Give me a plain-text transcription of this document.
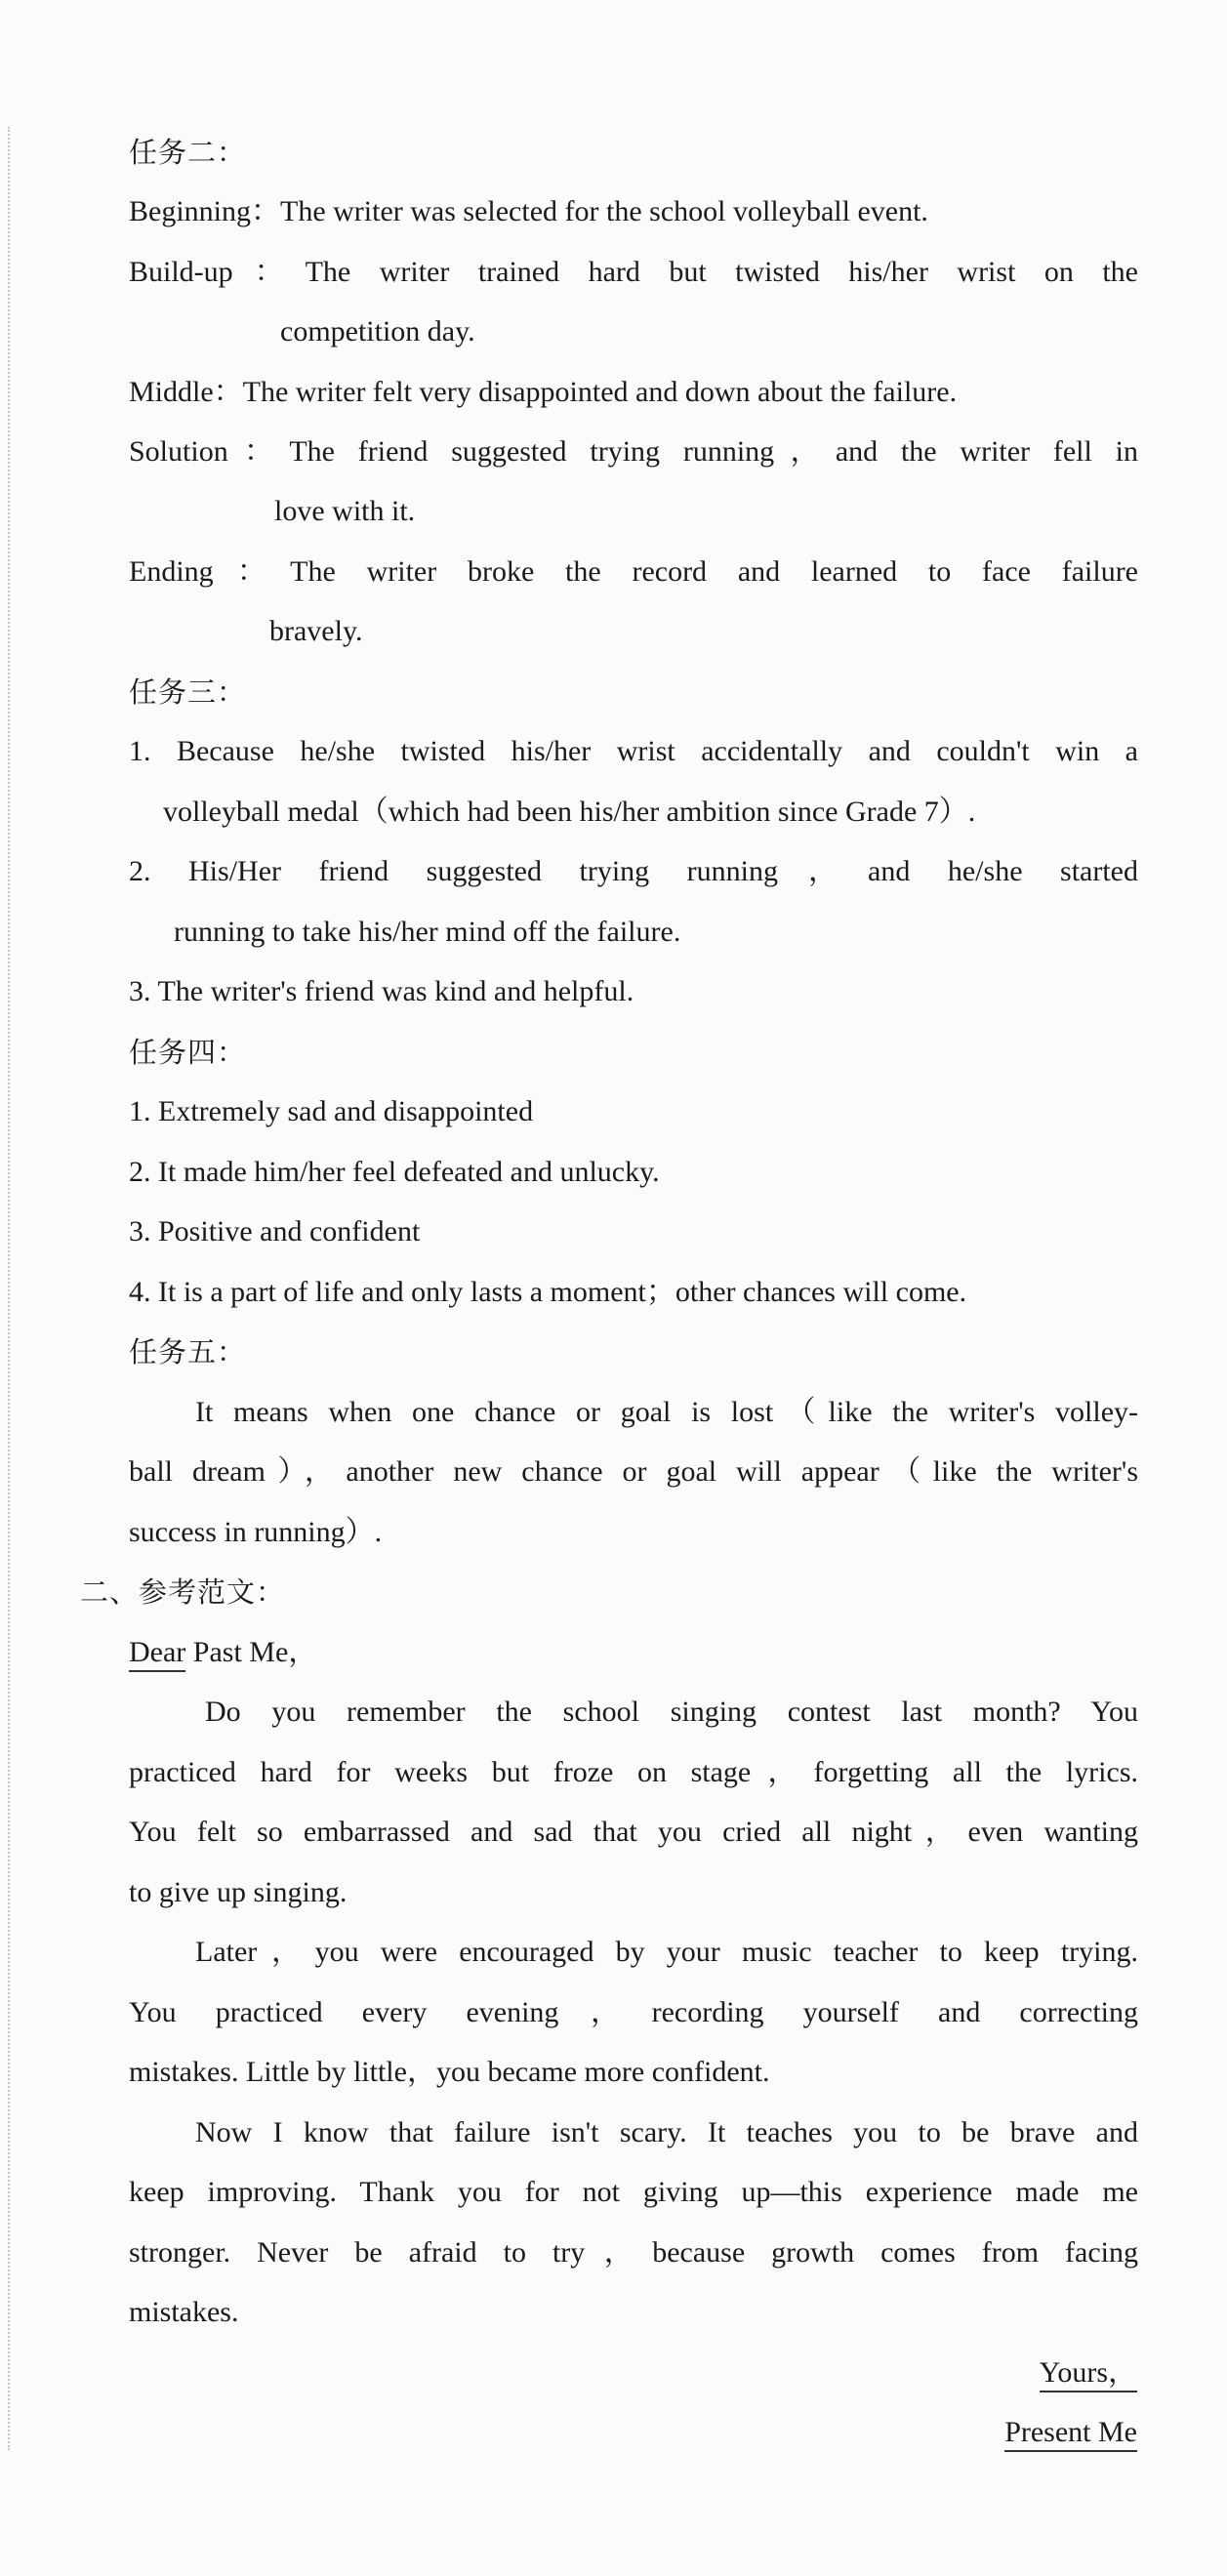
任务二：
Beginning：The writer was selected for the school volleyball event.
Build-up：The writer trained hard but twisted his/her wrist on the
competition day.
Middle：The writer felt very disappointed and down about the failure.
Solution：The friend suggested trying running，and the writer fell in
love with it.
Ending：The writer broke the record and learned to face failure
bravely.
任务三：
1. Because he/she twisted his/her wrist accidentally and couldn't win a
volleyball medal（which had been his/her ambition since Grade 7）.
2. His/Her friend suggested trying running，and he/she started
running to take his/her mind off the failure.
3. The writer's friend was kind and helpful.
任务四：
1. Extremely sad and disappointed
2. It made him/her feel defeated and unlucky.
3. Positive and confident
4. It is a part of life and only lasts a moment；other chances will come.
任务五：
It means when one chance or goal is lost（like the writer's volley-
ball dream），another new chance or goal will appear（like the writer's
success in running）.
二、参考范文：
Dear Past Me，
Do you remember the school singing contest last month? You
practiced hard for weeks but froze on stage，forgetting all the lyrics.
You felt so embarrassed and sad that you cried all night，even wanting
to give up singing.
Later，you were encouraged by your music teacher to keep trying.
You practiced every evening，recording yourself and correcting
mistakes. Little by little，you became more confident.
Now I know that failure isn't scary. It teaches you to be brave and
keep improving. Thank you for not giving up—this experience made me
stronger. Never be afraid to try，because growth comes from facing
mistakes.
Yours，
Present Me
